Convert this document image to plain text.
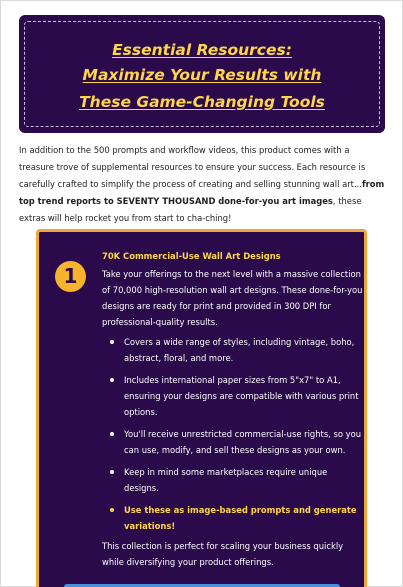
Essential Resources:
Maximize Your Results with
These Game-Changing Tools

In addition to the 500 prompts and workflow videos, this product comes with a treasure trove of supplemental resources to ensure your success. Each resource is carefully crafted to simplify the process of creating and selling stunning wall art...from top trend reports to SEVENTY THOUSAND done-for-you art images, these extras will help rocket you from start to cha-ching!

1
70K Commercial-Use Wall Art Designs

Take your offerings to the next level with a massive collection of 70,000 high-resolution wall art designs. These done-for-you designs are ready for print and provided in 300 DPI for professional-quality results.

Covers a wide range of styles, including vintage, boho, abstract, floral, and more.
Includes international paper sizes from 5"x7" to A1, ensuring your designs are compatible with various print options.
You'll receive unrestricted commercial-use rights, so you can use, modify, and sell these designs as your own.
Keep in mind some marketplaces require unique designs.
Use these as image-based prompts and generate variations!

This collection is perfect for scaling your business quickly while diversifying your product offerings.
